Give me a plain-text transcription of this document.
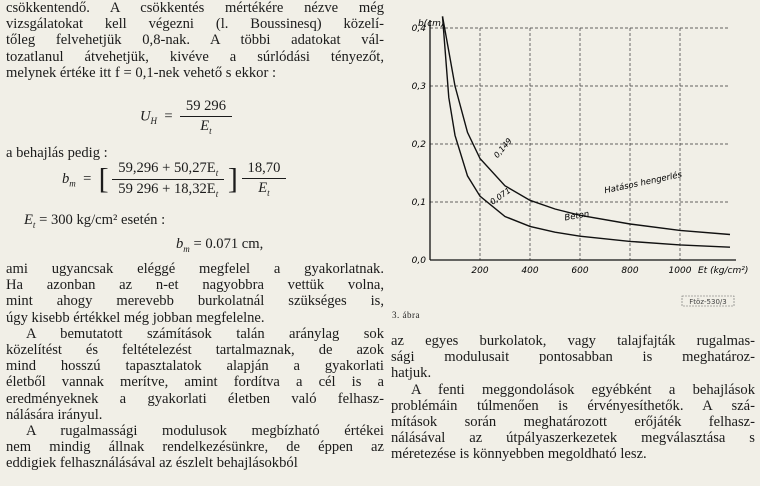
csökkentendő. A csökkentés mértékére nézve még
vizsgálatokat kell végezni (l. Boussinesq) közelí-
tőleg felvehetjük 0,8-nak. A többi adatokat vál-
tozatlanul átvehetjük, kivéve a súrlódási tényezőt,
melynek értéke itt f = 0,1-nek vehető s ekkor :
$U_H = \frac{59 296}{E_t}$
a behajlás pedig :
$b_m$  =  [ $\frac{59,296 + 50,27E_t}{59 296 + 18,32E_t}$ ] $\frac{18,70}{E_t}$
$E_t = 300$ kg/cm² esetén :
$b_m = 0.071$ cm,
ami ugyancsak eléggé megfelel a gyakorlatnak.
Ha azonban az n-et nagyobbra vettük volna,
mint ahogy merevebb burkolatnál szükséges is,
úgy kisebb értékkel még jobban megfelelne.
A bemutatott számítások talán aránylag sok
közelítést és feltételezést tartalmaznak, de azok
mind hosszú tapasztalatok alapján a gyakorlati
életből vannak merítve, amint fordítva a cél is a
eredményeknek a gyakorlati életben való felhasz-
nálására irányul.
A rugalmassági modulusok megbízható értékei
nem mindig állnak rendelkezésünkre, de éppen az
eddigiek felhasználásával az észlelt behajlásokból
0,0
0,1
0,2
0,3
0,4
200	400	600	800	1000
b(cm)
Et (kg/cm²)
Hatásos hengerlés
Beton
0,149
0,071
Ftöz-530/3
3. ábra
az egyes burkolatok, vagy talajfajták rugalmas-
sági modulusait pontosabban is meghatároz-
hatjuk.
A fenti meggondolások egyébként a behajlások
problémáin túlmenően is érvényesíthetők. A szá-
mítások során meghatározott erőjáték felhasz-
nálásával az útpályaszerkezetek megválasztása s
méretezése is könnyebben megoldható lesz.
